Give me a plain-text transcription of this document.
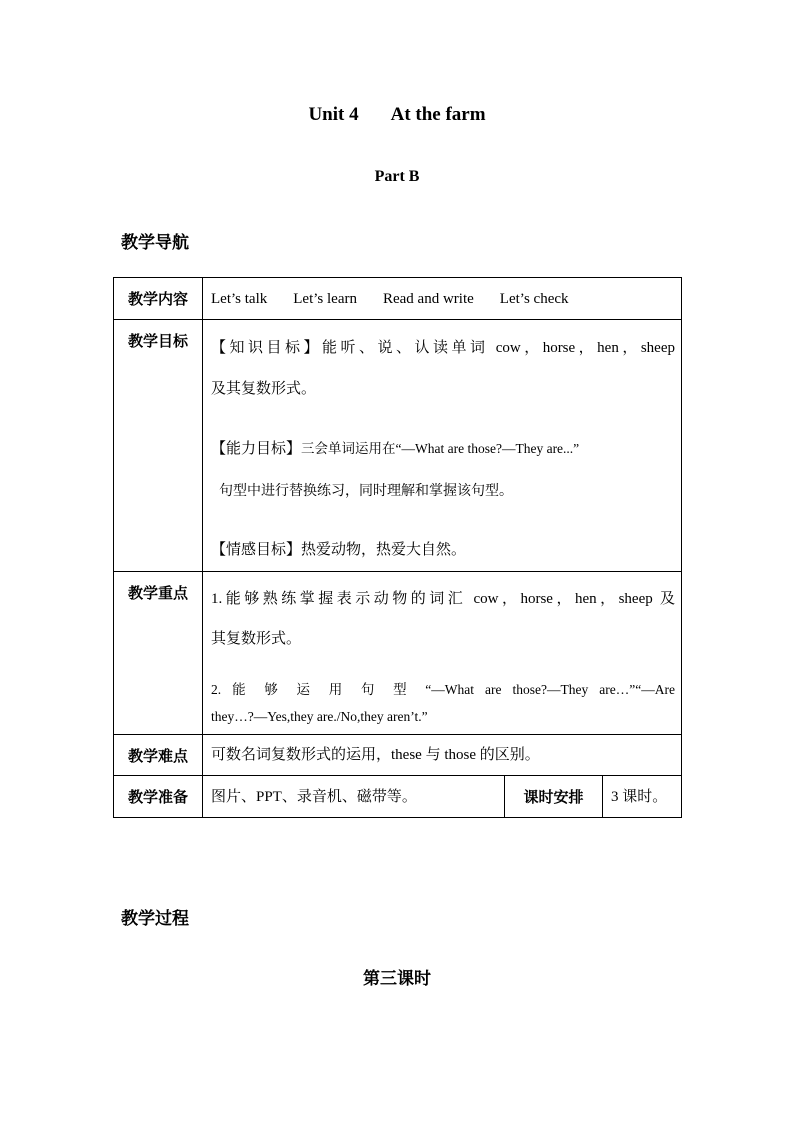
Unit 4 At the farm
Part B
教学导航
教学内容	Let’s talk Let’s learn Read and write Let’s check		
教学目标	【知识目标】能听、说、认读单词 cow，horse，hen，sheep

及其复数形式。

【能力目标】三会单词运用在“—What are those?—They are...”

句型中进行替换练习，同时理解和掌握该句型。

【情感目标】热爱动物，热爱大自然。		

教学重点	1.能够熟练掌握表示动物的词汇 cow，horse，hen，sheep 及

其复数形式。

2. 能 够 运 用 句 型 “—What are those?—They are…”“—Are

they…?—Yes,they are./No,they aren’t.”		

教学难点	可数名词复数形式的运用，these 与 those 的区别。		
教学准备	图片、PPT、录音机、磁带等。	课时安排	3 课时。
教学过程
第三课时
